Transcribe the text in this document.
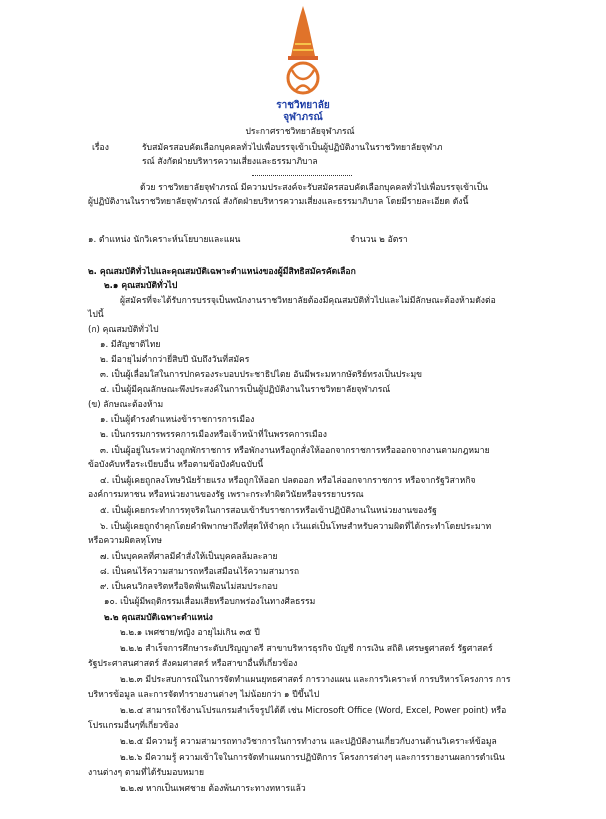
ราชวิทยาลัย
จุฬาภรณ์
ประกาศราชวิทยาลัยจุฬาภรณ์
เรื่อง	รับสมัครสอบคัดเลือกบุคคลทั่วไปเพื่อบรรจุเข้าเป็นผู้ปฏิบัติงานในราชวิทยาลัยจุฬาภ
รณ์ สังกัดฝ่ายบริหารความเสี่ยงและธรรมาภิบาล
ด้วย ราชวิทยาลัยจุฬาภรณ์ มีความประสงค์จะรับสมัครสอบคัดเลือกบุคคลทั่วไปเพื่อบรรจุเข้าเป็น
ผู้ปฏิบัติงานในราชวิทยาลัยจุฬาภรณ์ สังกัดฝ่ายบริหารความเสี่ยงและธรรมาภิบาล โดยมีรายละเอียด ดังนี้
๑. ตำแหน่ง นักวิเคราะห์นโยบายและแผน	จำนวน ๒ อัตรา
๒. คุณสมบัติทั่วไปและคุณสมบัติเฉพาะตำแหน่งของผู้มีสิทธิสมัครคัดเลือก
๒.๑ คุณสมบัติทั่วไป
ผู้สมัครที่จะได้รับการบรรจุเป็นพนักงานราชวิทยาลัยต้องมีคุณสมบัติทั่วไปและไม่มีลักษณะต้องห้ามดังต่อ
ไปนี้
(ก) คุณสมบัติทั่วไป
๑. มีสัญชาติไทย
๒. มีอายุไม่ต่ำกว่ายี่สิบปี นับถึงวันที่สมัคร
๓. เป็นผู้เลื่อมใสในการปกครองระบอบประชาธิปไตย อันมีพระมหากษัตริย์ทรงเป็นประมุข
๔. เป็นผู้มีคุณลักษณะพึงประสงค์ในการเป็นผู้ปฏิบัติงานในราชวิทยาลัยจุฬาภรณ์
(ข) ลักษณะต้องห้าม
๑. เป็นผู้ดำรงตำแหน่งข้าราชการการเมือง
๒. เป็นกรรมการพรรคการเมืองหรือเจ้าหน้าที่ในพรรคการเมือง
๓. เป็นผู้อยู่ในระหว่างถูกพักราชการ หรือพักงานหรือถูกสั่งให้ออกจากราชการหรือออกจากงานตามกฎหมาย
ข้อบังคับหรือระเบียบอื่น หรือตามข้อบังคับฉบับนี้
๔. เป็นผู้เคยถูกลงโทษวินัยร้ายแรง หรือถูกให้ออก ปลดออก หรือไล่ออกจากราชการ หรือจากรัฐวิสาหกิจ
องค์การมหาชน หรือหน่วยงานของรัฐ เพราะกระทำผิดวินัยหรือจรรยาบรรณ
๕. เป็นผู้เคยกระทำการทุจริตในการสอบเข้ารับราชการหรือเข้าปฏิบัติงานในหน่วยงานของรัฐ
๖. เป็นผู้เคยถูกจำคุกโดยคำพิพากษาถึงที่สุดให้จำคุก เว้นแต่เป็นโทษสำหรับความผิดที่ได้กระทำโดยประมาท
หรือความผิดลหุโทษ
๗. เป็นบุคคลที่ศาลมีคำสั่งให้เป็นบุคคลล้มละลาย
๘. เป็นคนไร้ความสามารถหรือเสมือนไร้ความสามารถ
๙. เป็นคนวิกลจริตหรือจิตฟั่นเฟือนไม่สมประกอบ
๑๐. เป็นผู้มีพฤติกรรมเสื่อมเสียหรือบกพร่องในทางศีลธรรม
๒.๒ คุณสมบัติเฉพาะตำแหน่ง
๒.๒.๑ เพศชาย/หญิง อายุไม่เกิน ๓๕ ปี
๒.๒.๒ สำเร็จการศึกษาระดับปริญญาตรี สาขาบริหารธุรกิจ บัญชี การเงิน สถิติ เศรษฐศาสตร์ รัฐศาสตร์
รัฐประศาสนศาสตร์ สังคมศาสตร์ หรือสาขาอื่นที่เกี่ยวข้อง
๒.๒.๓ มีประสบการณ์ในการจัดทำแผนยุทธศาสตร์ การวางแผน และการวิเคราะห์ การบริหารโครงการ การ
บริหารข้อมูล และการจัดทำรายงานต่างๆ ไม่น้อยกว่า ๑ ปีขึ้นไป
๒.๒.๔ สามารถใช้งานโปรแกรมสำเร็จรูปได้ดี เช่น Microsoft Office (Word, Excel, Power point) หรือ
โปรแกรมอื่นๆที่เกี่ยวข้อง
๒.๒.๕ มีความรู้ ความสามารถทางวิชาการในการทำงาน และปฏิบัติงานเกี่ยวกับงานด้านวิเคราะห์ข้อมูล
๒.๒.๖ มีความรู้ ความเข้าใจในการจัดทำแผนการปฏิบัติการ โครงการต่างๆ และการรายงานผลการดำเนิน
งานต่างๆ ตามที่ได้รับมอบหมาย
๒.๒.๗ หากเป็นเพศชาย ต้องพ้นภาระทางทหารแล้ว
